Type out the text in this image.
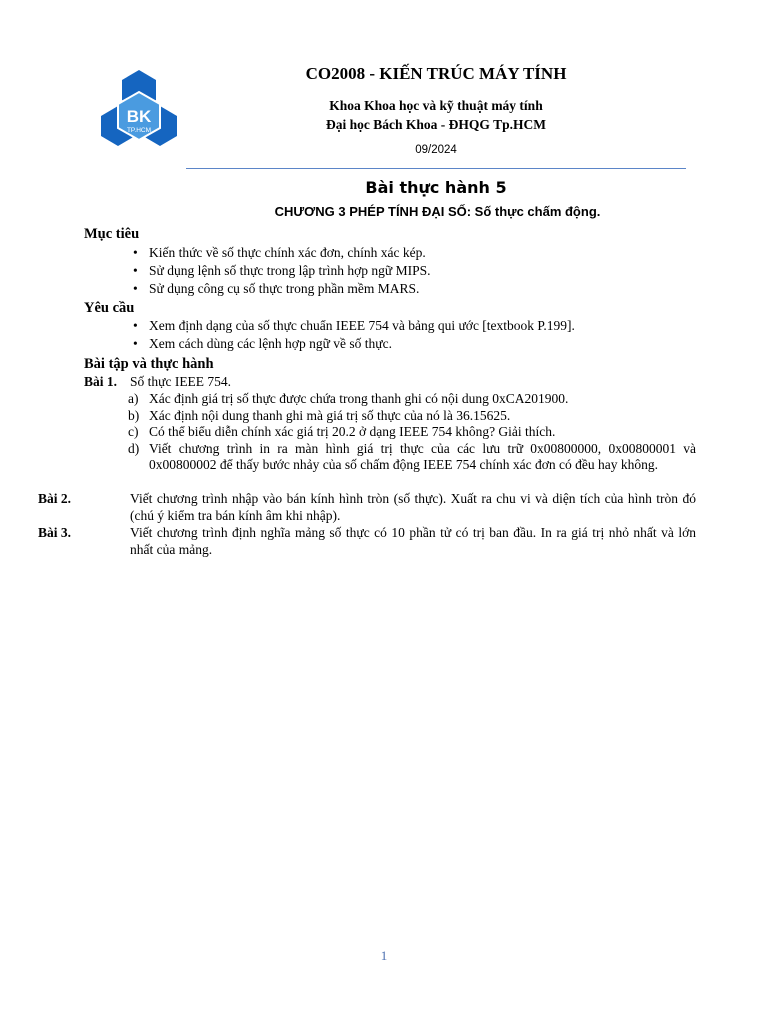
BK
TP.HCM
CO2008 - KIẾN TRÚC MÁY TÍNH
Khoa Khoa học và kỹ thuật máy tính
Đại học Bách Khoa - ĐHQG Tp.HCM
09/2024
Bài thực hành 5
CHƯƠNG 3 PHÉP TÍNH ĐẠI SỐ: Số thực chấm động.
Mục tiêu
• Kiến thức về số thực chính xác đơn, chính xác kép.
• Sử dụng lệnh số thực trong lập trình hợp ngữ MIPS.
• Sử dụng công cụ số thực trong phần mềm MARS.
Yêu cầu
• Xem định dạng của số thực chuẩn IEEE 754 và bảng qui ước [textbook P.199].
• Xem cách dùng các lệnh hợp ngữ về số thực.
Bài tập và thực hành
Bài 1. Số thực IEEE 754.
a) Xác định giá trị số thực được chứa trong thanh ghi có nội dung 0xCA201900.
b) Xác định nội dung thanh ghi mà giá trị số thực của nó là 36.15625.
c) Có thể biểu diễn chính xác giá trị 20.2 ở dạng IEEE 754 không? Giải thích.
d) Viết chương trình in ra màn hình giá trị thực của các lưu trữ 0x00800000, 0x00800001 và 0x00800002 để thấy bước nhảy của số chấm động IEEE 754 chính xác đơn có đều hay không.
Bài 2.	Viết chương trình nhập vào bán kính hình tròn (số thực). Xuất ra chu vi và diện tích của hình tròn đó (chú ý kiểm tra bán kính âm khi nhập).
Bài 3.	Viết chương trình định nghĩa mảng số thực có 10 phần tử có trị ban đầu. In ra giá trị nhỏ nhất và lớn nhất của mảng.
1
